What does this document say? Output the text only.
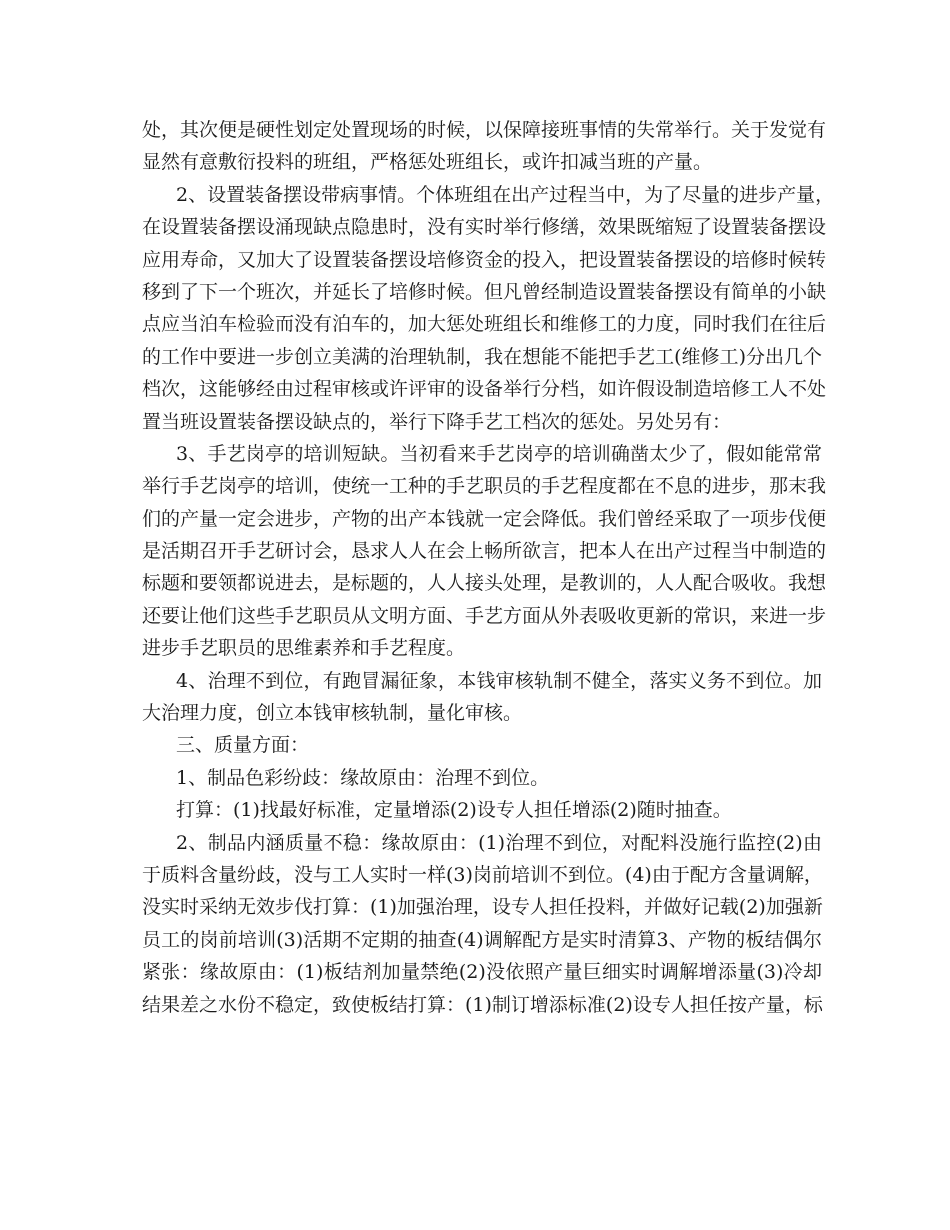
处，其次便是硬性划定处置现场的时候，以保障接班事情的失常举行。关于发觉有
显然有意敷衍投料的班组，严格惩处班组长，或许扣减当班的产量。
2、设置装备摆设带病事情。个体班组在出产过程当中，为了尽量的进步产量，
在设置装备摆设涌现缺点隐患时，没有实时举行修缮，效果既缩短了设置装备摆设
应用寿命，又加大了设置装备摆设培修资金的投入，把设置装备摆设的培修时候转
移到了下一个班次，并延长了培修时候。但凡曾经制造设置装备摆设有简单的小缺
点应当泊车检验而没有泊车的，加大惩处班组长和维修工的力度，同时我们在往后
的工作中要进一步创立美满的治理轨制，我在想能不能把手艺工(维修工)分出几个
档次，这能够经由过程审核或许评审的设备举行分档，如许假设制造培修工人不处
置当班设置装备摆设缺点的，举行下降手艺工档次的惩处。另处另有：
3、手艺岗亭的培训短缺。当初看来手艺岗亭的培训确凿太少了，假如能常常
举行手艺岗亭的培训，使统一工种的手艺职员的手艺程度都在不息的进步，那末我
们的产量一定会进步，产物的出产本钱就一定会降低。我们曾经采取了一项步伐便
是活期召开手艺研讨会，恳求人人在会上畅所欲言，把本人在出产过程当中制造的
标题和要领都说进去，是标题的，人人接头处理，是教训的，人人配合吸收。我想
还要让他们这些手艺职员从文明方面、手艺方面从外表吸收更新的常识，来进一步
进步手艺职员的思维素养和手艺程度。
4、治理不到位，有跑冒漏征象，本钱审核轨制不健全，落实义务不到位。加
大治理力度，创立本钱审核轨制，量化审核。
三、质量方面：
1、制品色彩纷歧：缘故原由：治理不到位。
打算：(1)找最好标准，定量增添(2)设专人担任增添(2)随时抽查。
2、制品内涵质量不稳：缘故原由：(1)治理不到位，对配料没施行监控(2)由
于质料含量纷歧，没与工人实时一样(3)岗前培训不到位。(4)由于配方含量调解，
没实时采纳无效步伐打算：(1)加强治理，设专人担任投料，并做好记载(2)加强新
员工的岗前培训(3)活期不定期的抽查(4)调解配方是实时清算3、产物的板结偶尔
紧张：缘故原由：(1)板结剂加量禁绝(2)没依照产量巨细实时调解增添量(3)冷却
结果差之水份不稳定，致使板结打算：(1)制订增添标准(2)设专人担任按产量，标
